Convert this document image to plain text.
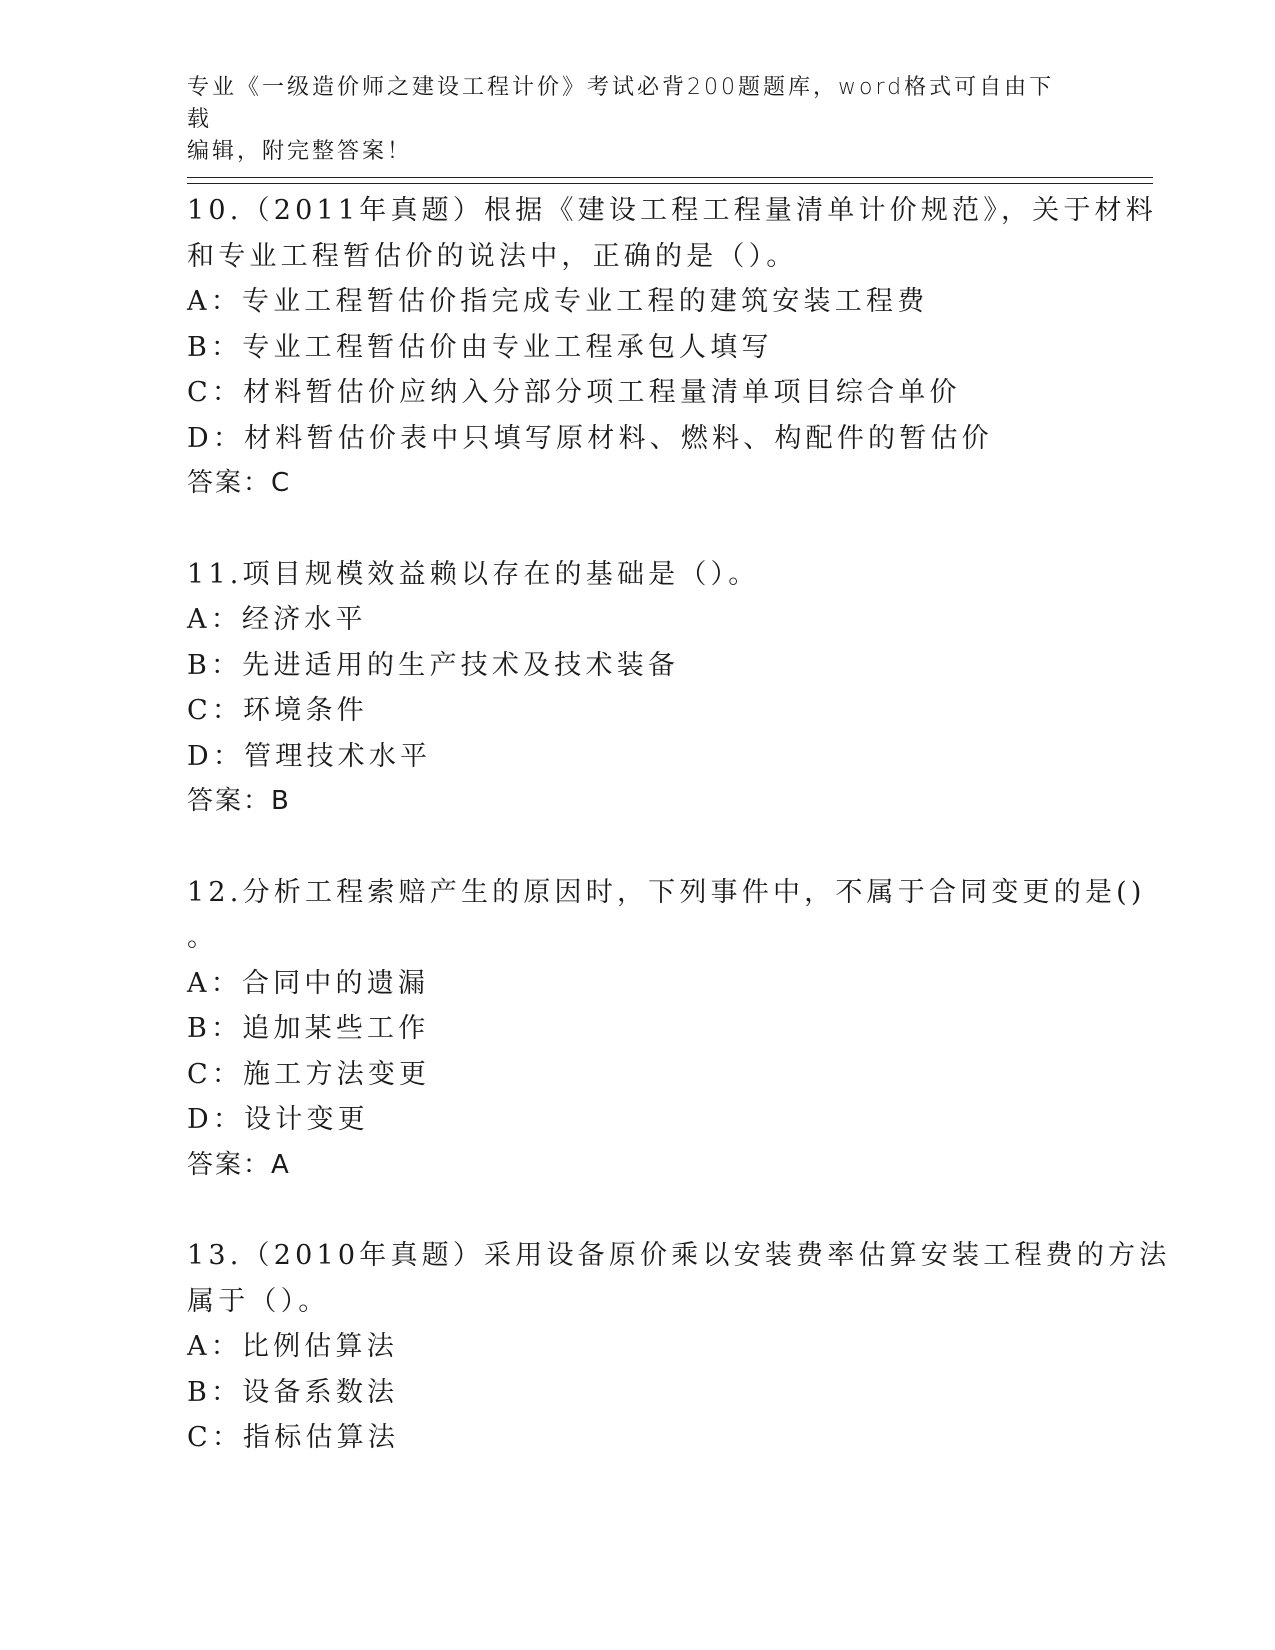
专业《一级造价师之建设工程计价》考试必背200题题库，word格式可自由下载
编辑，附完整答案！
10.（2011年真题）根据《建设工程工程量清单计价规范》，关于材料
和专业工程暂估价的说法中，正确的是（）。
A：专业工程暂估价指完成专业工程的建筑安装工程费
B：专业工程暂估价由专业工程承包人填写
C：材料暂估价应纳入分部分项工程量清单项目综合单价
D：材料暂估价表中只填写原材料、燃料、构配件的暂估价
答案：C
11.项目规模效益赖以存在的基础是（）。
A：经济水平
B：先进适用的生产技术及技术装备
C：环境条件
D：管理技术水平
答案：B
12.分析工程索赔产生的原因时，下列事件中，不属于合同变更的是()
。
A：合同中的遗漏
B：追加某些工作
C：施工方法变更
D：设计变更
答案：A
13.（2010年真题）采用设备原价乘以安装费率估算安装工程费的方法
属于（）。
A：比例估算法
B：设备系数法
C：指标估算法
